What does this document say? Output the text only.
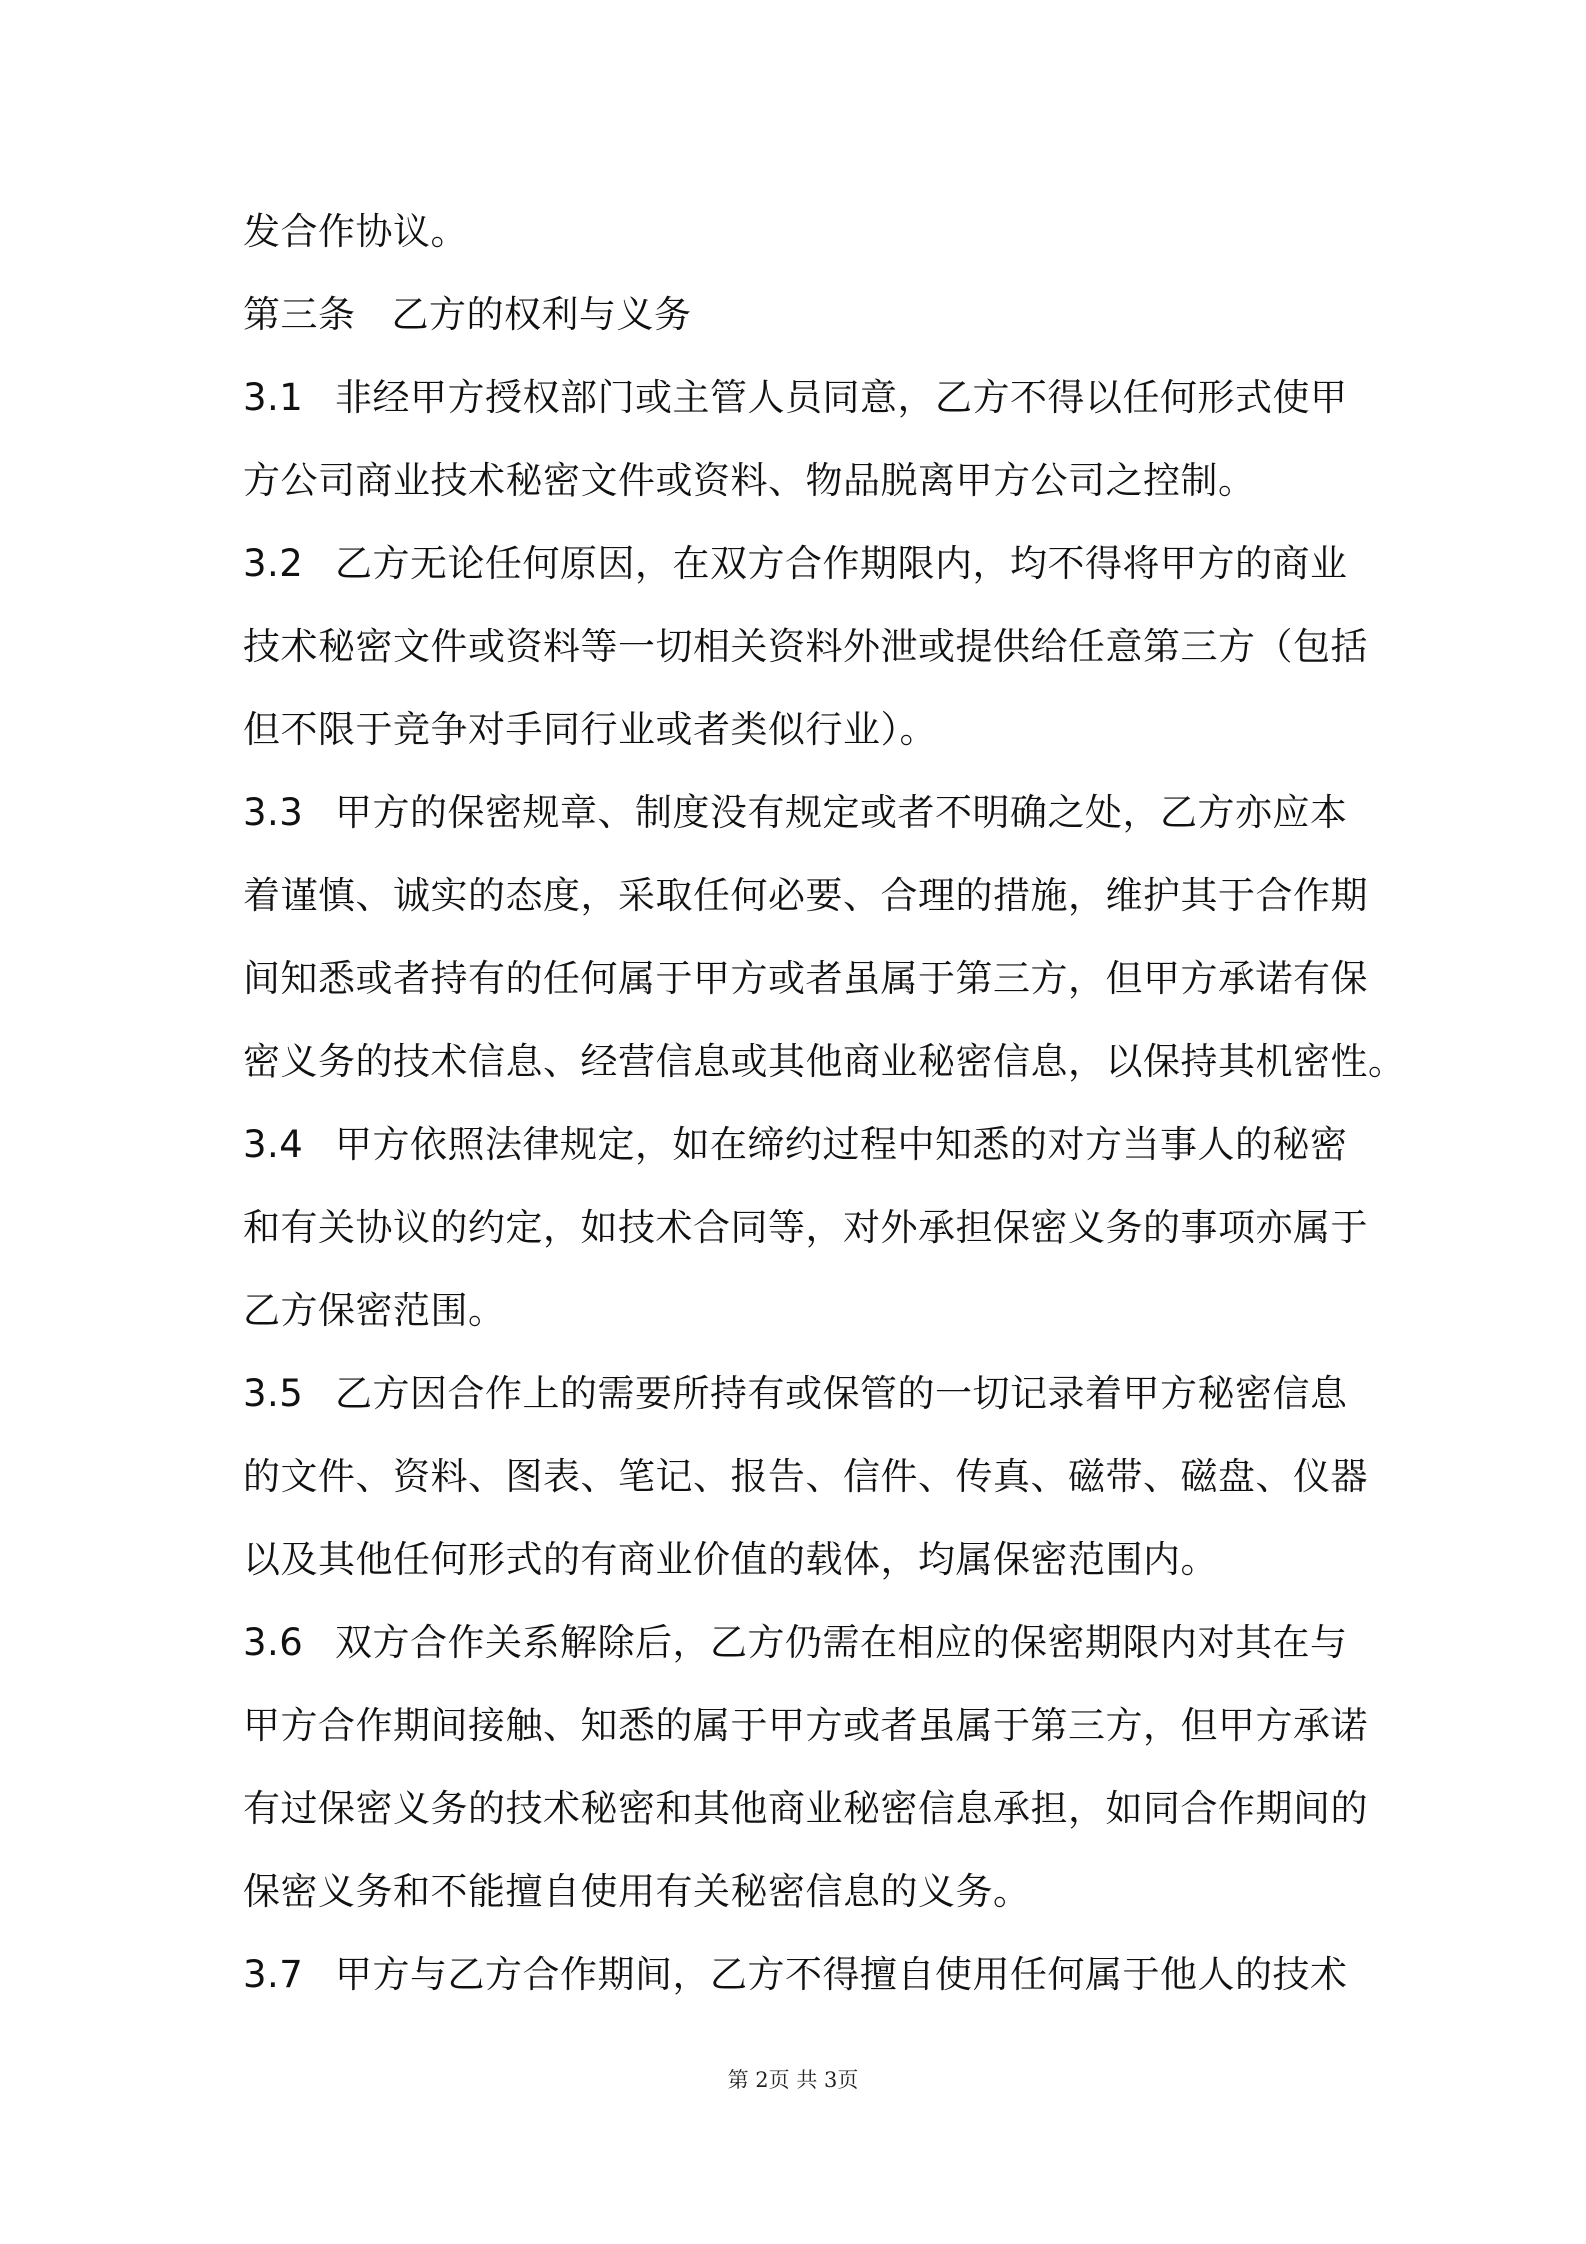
发合作协议。
第三条 乙方的权利与义务
3.1 非经甲方授权部门或主管人员同意，乙方不得以任何形式使甲
方公司商业技术秘密文件或资料、物品脱离甲方公司之控制。
3.2 乙方无论任何原因，在双方合作期限内，均不得将甲方的商业
技术秘密文件或资料等一切相关资料外泄或提供给任意第三方（包括
但不限于竞争对手同行业或者类似行业）。
3.3 甲方的保密规章、制度没有规定或者不明确之处，乙方亦应本
着谨慎、诚实的态度，采取任何必要、合理的措施，维护其于合作期
间知悉或者持有的任何属于甲方或者虽属于第三方，但甲方承诺有保
密义务的技术信息、经营信息或其他商业秘密信息，以保持其机密性。
3.4 甲方依照法律规定，如在缔约过程中知悉的对方当事人的秘密
和有关协议的约定，如技术合同等，对外承担保密义务的事项亦属于
乙方保密范围。
3.5 乙方因合作上的需要所持有或保管的一切记录着甲方秘密信息
的文件、资料、图表、笔记、报告、信件、传真、磁带、磁盘、仪器
以及其他任何形式的有商业价值的载体，均属保密范围内。
3.6 双方合作关系解除后，乙方仍需在相应的保密期限内对其在与
甲方合作期间接触、知悉的属于甲方或者虽属于第三方，但甲方承诺
有过保密义务的技术秘密和其他商业秘密信息承担，如同合作期间的
保密义务和不能擅自使用有关秘密信息的义务。
3.7 甲方与乙方合作期间，乙方不得擅自使用任何属于他人的技术
第 2页 共 3页
